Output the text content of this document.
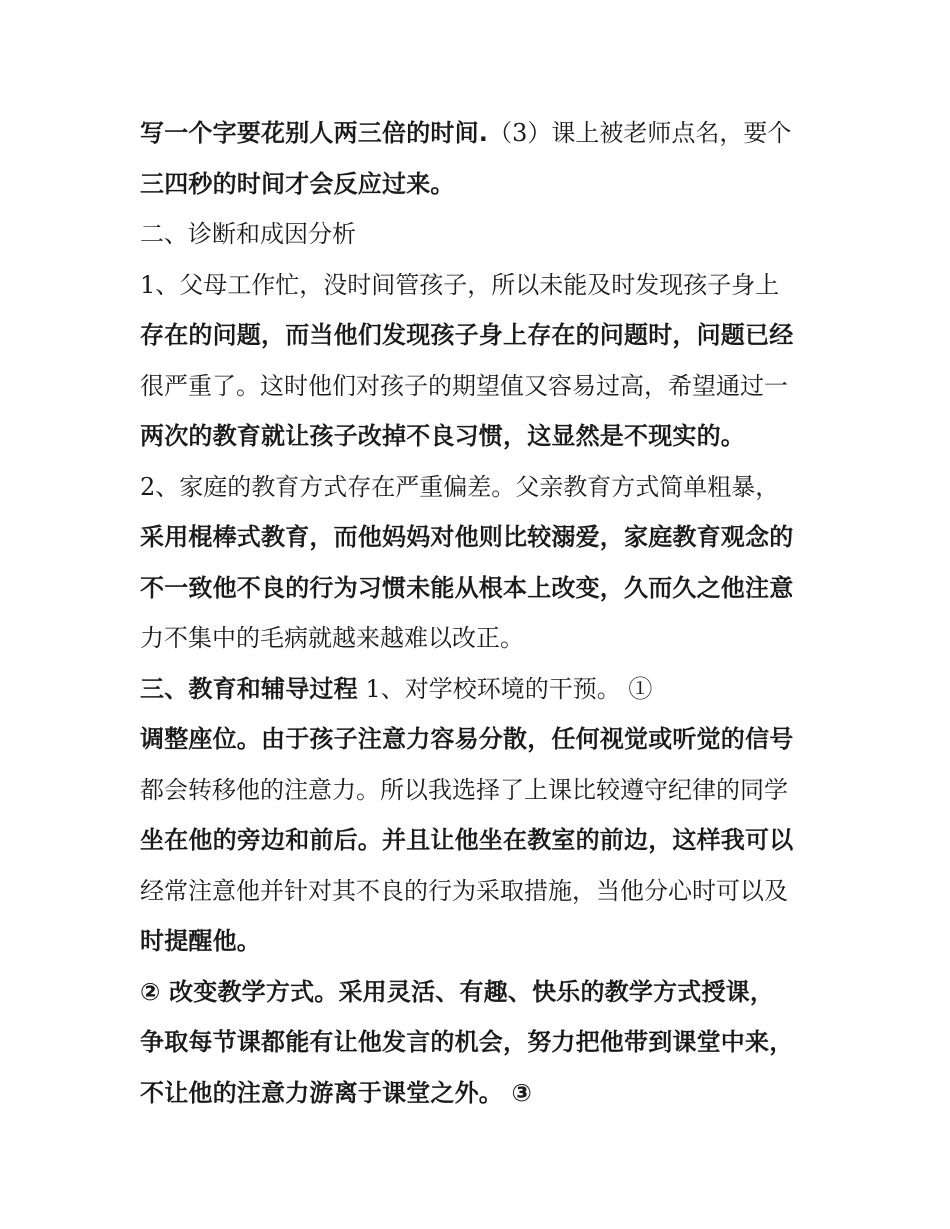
写一个字要花别人两三倍的时间.（3）课上被老师点名，要个
三四秒的时间才会反应过来。
二、诊断和成因分析
1、父母工作忙，没时间管孩子，所以未能及时发现孩子身上
存在的问题，而当他们发现孩子身上存在的问题时，问题已经
很严重了。这时他们对孩子的期望值又容易过高，希望通过一
两次的教育就让孩子改掉不良习惯，这显然是不现实的。
2、家庭的教育方式存在严重偏差。父亲教育方式简单粗暴，
采用棍棒式教育，而他妈妈对他则比较溺爱，家庭教育观念的
不一致他不良的行为习惯未能从根本上改变，久而久之他注意
力不集中的毛病就越来越难以改正。
三、教育和辅导过程 1、对学校环境的干预。 ①
调整座位。由于孩子注意力容易分散，任何视觉或听觉的信号
都会转移他的注意力。所以我选择了上课比较遵守纪律的同学
坐在他的旁边和前后。并且让他坐在教室的前边，这样我可以
经常注意他并针对其不良的行为采取措施，当他分心时可以及
时提醒他。
② 改变教学方式。采用灵活、有趣、快乐的教学方式授课，
争取每节课都能有让他发言的机会，努力把他带到课堂中来，
不让他的注意力游离于课堂之外。 ③
